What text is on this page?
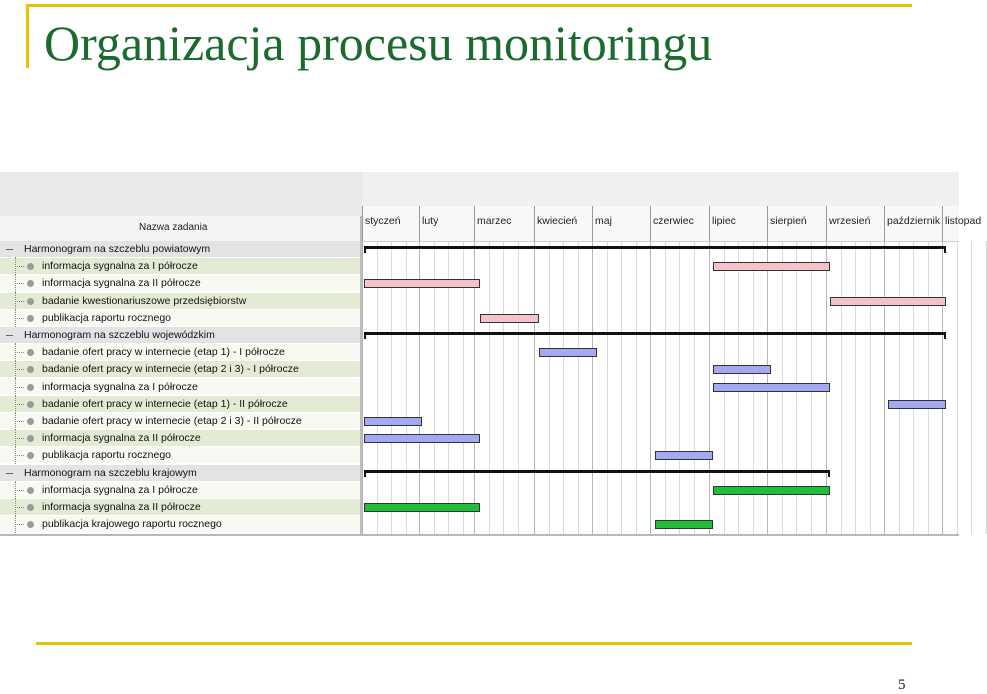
Organizacja procesu monitoringu
Nazwa zadania
Harmonogram na szczeblu powiatowym
informacja sygnalna za I półrocze
informacja sygnalna za II półrocze
badanie kwestionariuszowe przedsiębiorstw
publikacja raportu rocznego
Harmonogram na szczeblu wojewódzkim
badanie ofert pracy w internecie (etap 1) - I półrocze
badanie ofert pracy w internecie (etap 2 i 3) - I półrocze
informacja sygnalna za I półrocze
badanie ofert pracy w internecie (etap 1) - II półrocze
badanie ofert pracy w internecie (etap 2 i 3) - II półrocze
informacja sygnalna za II półrocze
publikacja raportu rocznego
Harmonogram na szczeblu krajowym
informacja sygnalna za I półrocze
informacja sygnalna za II półrocze
publikacja krajowego raportu rocznego
styczeń luty	marzec kwiecień maj	czerwiec lipiec	sierpień wrzesień październik listopad
5
